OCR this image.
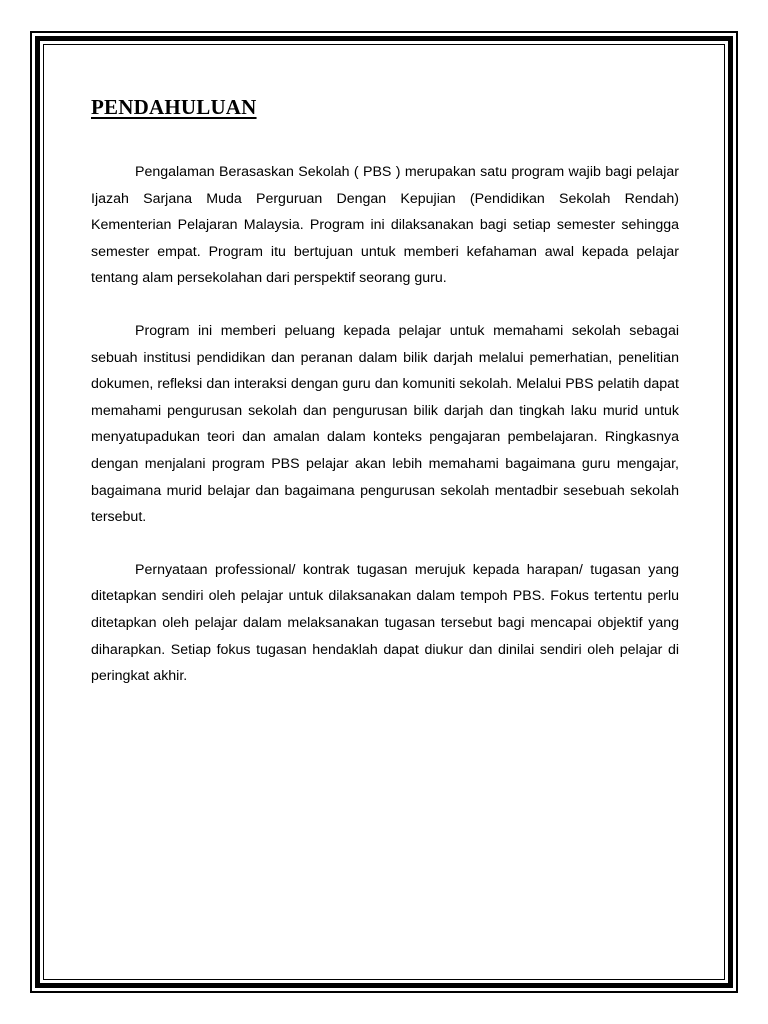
PENDAHULUAN

Pengalaman Berasaskan Sekolah ( PBS ) merupakan satu program wajib bagi pelajar Ijazah Sarjana Muda Perguruan Dengan Kepujian (Pendidikan Sekolah Rendah) Kementerian Pelajaran Malaysia. Program ini dilaksanakan bagi setiap semester sehingga semester empat. Program itu bertujuan untuk memberi kefahaman awal kepada pelajar tentang alam persekolahan dari perspektif seorang guru.

Program ini memberi peluang kepada pelajar untuk memahami sekolah sebagai sebuah institusi pendidikan dan peranan dalam bilik darjah melalui pemerhatian, penelitian dokumen, refleksi dan interaksi dengan guru dan komuniti sekolah. Melalui PBS pelatih dapat memahami pengurusan sekolah dan pengurusan bilik darjah dan tingkah laku murid untuk menyatupadukan teori dan amalan dalam konteks pengajaran pembelajaran. Ringkasnya dengan menjalani program PBS pelajar akan lebih memahami bagaimana guru mengajar, bagaimana murid belajar dan bagaimana pengurusan sekolah mentadbir sesebuah sekolah tersebut.

Pernyataan professional/ kontrak tugasan merujuk kepada harapan/ tugasan yang ditetapkan sendiri oleh pelajar untuk dilaksanakan dalam tempoh PBS. Fokus tertentu perlu ditetapkan oleh pelajar dalam melaksanakan tugasan tersebut bagi mencapai objektif yang diharapkan. Setiap fokus tugasan hendaklah dapat diukur dan dinilai sendiri oleh pelajar di peringkat akhir.
